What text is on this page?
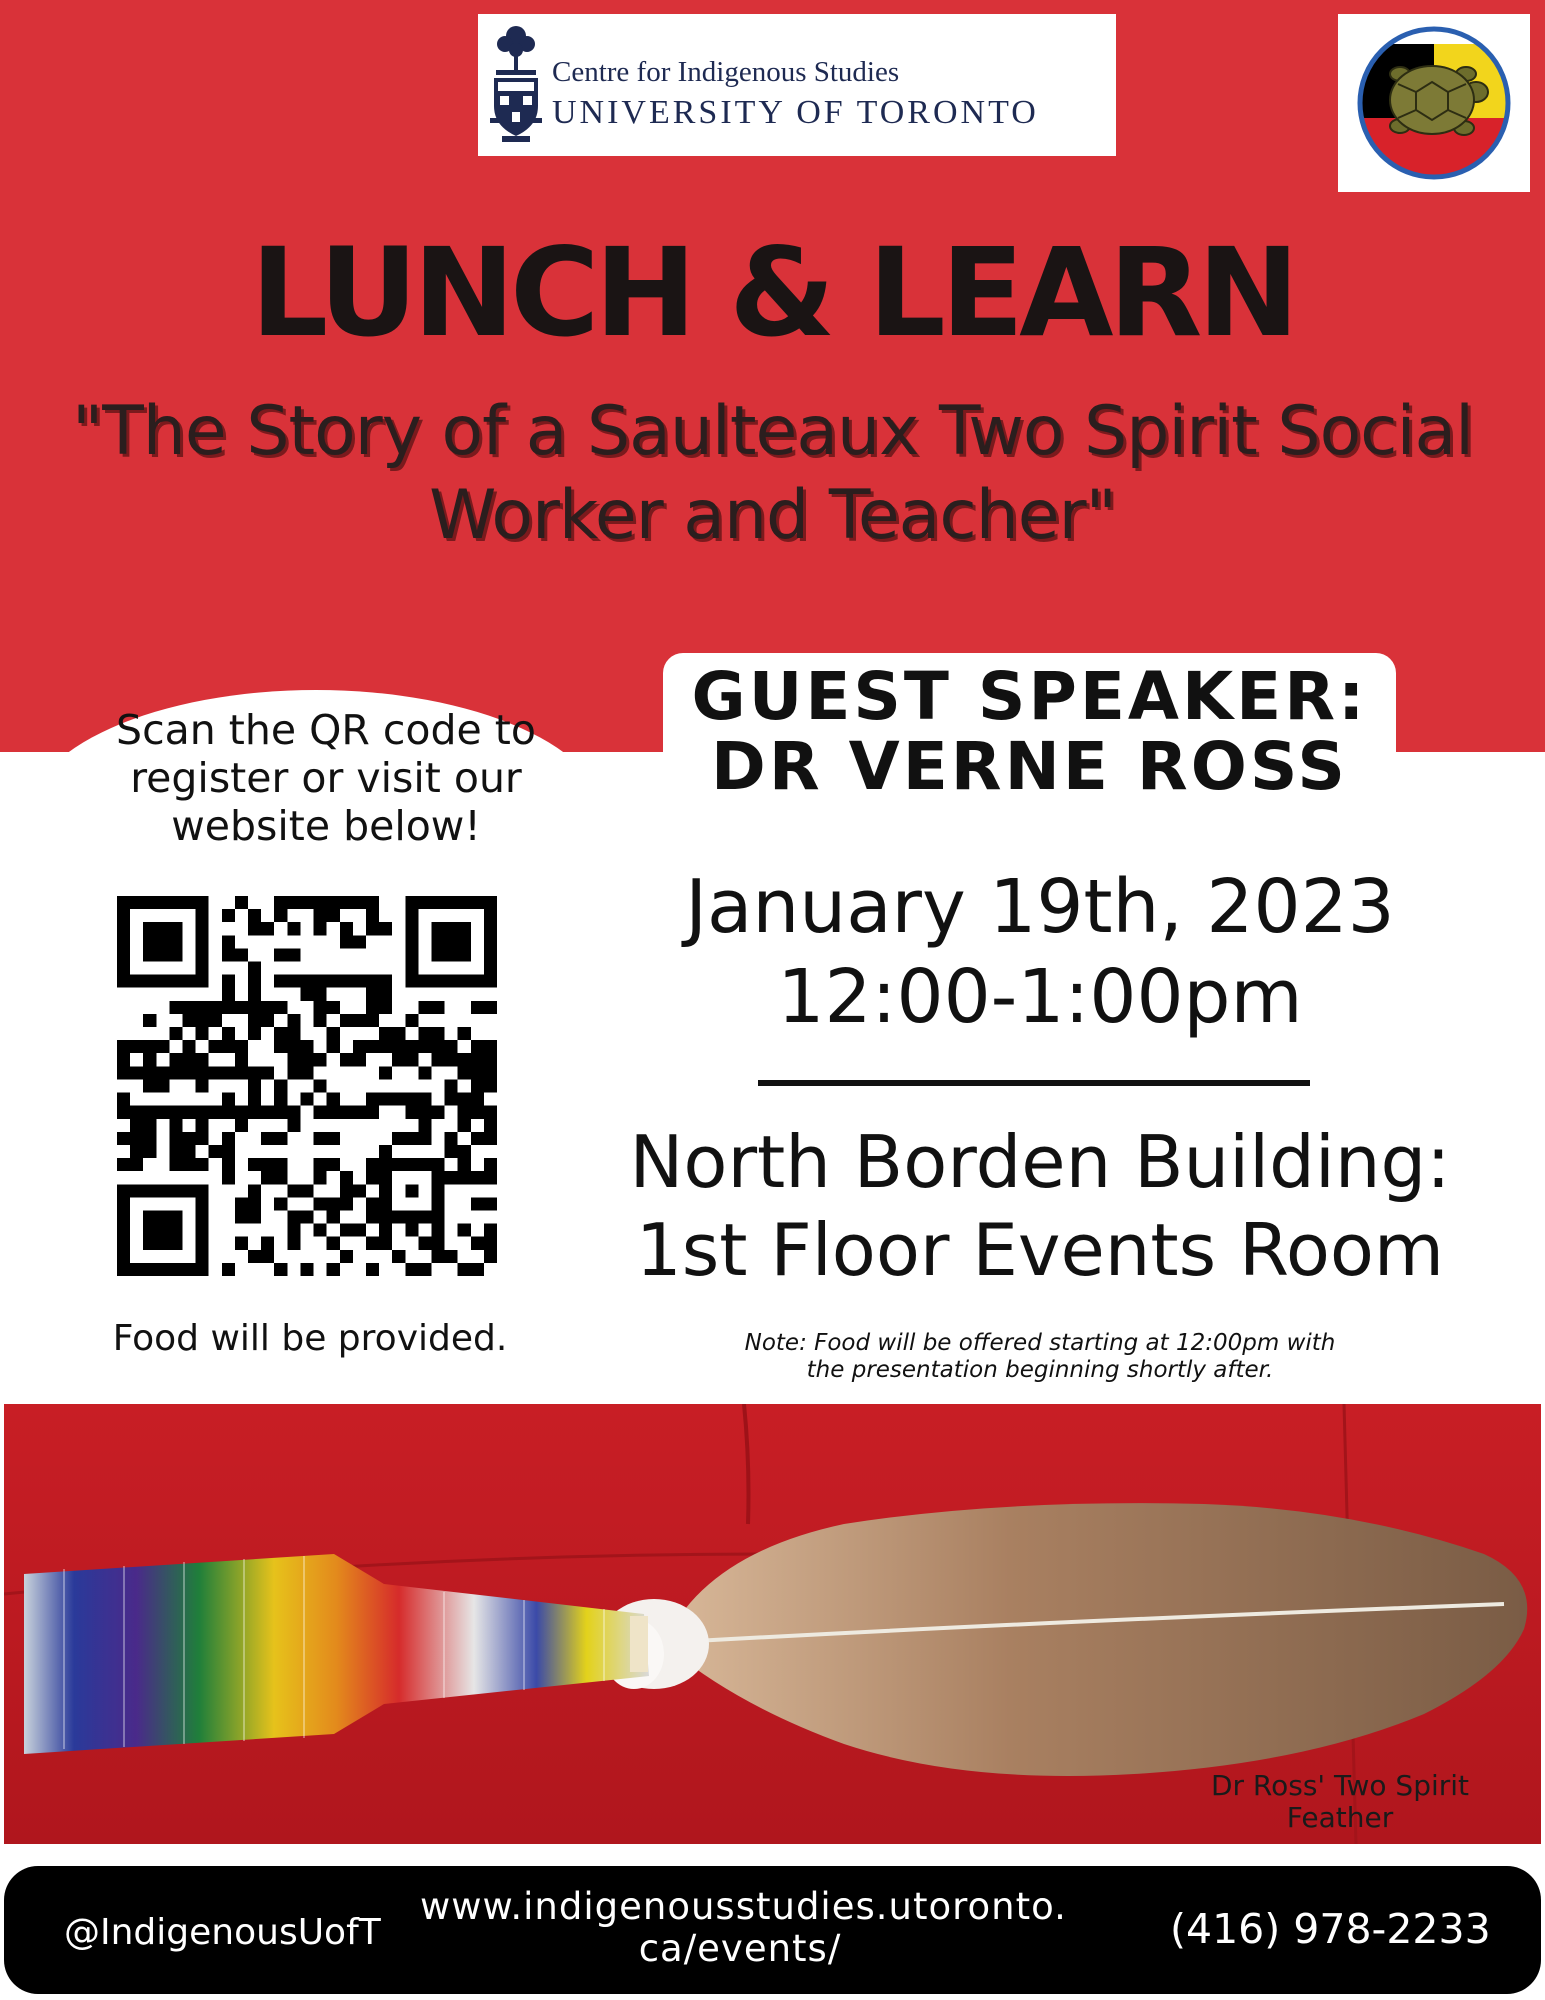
Centre for Indigenous Studies
UNIVERSITY OF TORONTO
LUNCH & LEARN
"The Story of a Saulteaux Two Spirit Social
Worker and Teacher"
Scan the QR code to
register or visit our
website below!
GUEST SPEAKER:
DR VERNE ROSS
January 19th, 2023
12:00-1:00pm
North Borden Building:
1st Floor Events Room
Food will be provided.	Note: Food will be offered starting at 12:00pm with
the presentation beginning shortly after.
Dr Ross' Two Spirit
Feather
@IndigenousUofT
www.indigenousstudies.utoronto.
ca/events/	(416) 978-2233
